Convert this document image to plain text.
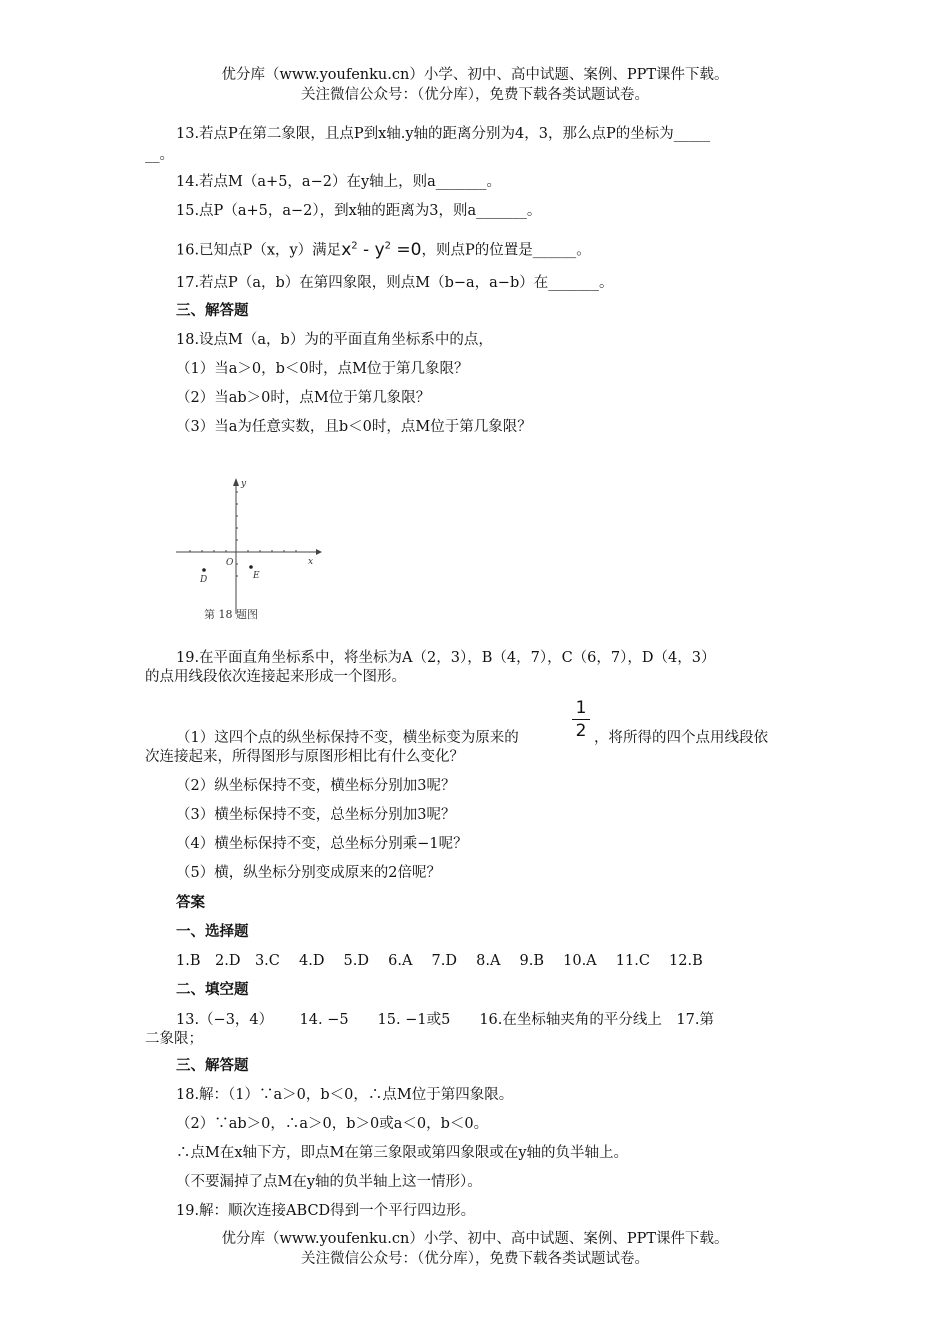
优分库（www.youfenku.cn）小学、初中、高中试题、案例、PPT课件下载。
关注微信公众号：（优分库），免费下载各类试题试卷。
13.若点P在第二象限，且点P到x轴.y轴的距离分别为4，3，那么点P的坐标为_____
__。
14.若点M（a+5，a−2）在y轴上，则a_______。
15.点P（a+5，a−2），到x轴的距离为3，则a_______。
16.已知点P（x，y）满足$x^2 - y^2 =0$，则点P的位置是______。
17.若点P（a，b）在第四象限，则点M（b−a，a−b）在_______。
三、解答题
18.设点M（a，b）为的平面直角坐标系中的点，
（1）当a＞0，b＜0时，点M位于第几象限？
（2）当ab＞0时，点M位于第几象限？
（3）当a为任意实数，且b＜0时，点M位于第几象限？
y
x
O
D	E
第 18 题图
19.在平面直角坐标系中，将坐标为A（2，3），B（4，7），C（6，7），D（4，3）
的点用线段依次连接起来形成一个图形。
1
2
（1）这四个点的纵坐标保持不变，横坐标变为原来的	，将所得的四个点用线段依
次连接起来，所得图形与原图形相比有什么变化？
（2）纵坐标保持不变，横坐标分别加3呢？
（3）横坐标保持不变，总坐标分别加3呢？
（4）横坐标保持不变，总坐标分别乘−1呢？
（5）横，纵坐标分别变成原来的2倍呢？
答案
一、选择题
1.B　2.D　3.C　 4.D　 5.D　 6.A　 7.D　 8.A　 9.B　 10.A　 11.C　 12.B
二、填空题
13.（−3，4）　　 14. −5　　15. −1或5　　16.在坐标轴夹角的平分线上　17.第
二象限；
三、解答题
18.解：（1）∵a＞0，b＜0，∴点M位于第四象限。
（2）∵ab＞0，∴a＞0，b＞0或a＜0，b＜0。
∴点M在x轴下方，即点M在第三象限或第四象限或在y轴的负半轴上。
（不要漏掉了点M在y轴的负半轴上这一情形）。
19.解：顺次连接ABCD得到一个平行四边形。
优分库（www.youfenku.cn）小学、初中、高中试题、案例、PPT课件下载。
关注微信公众号：（优分库），免费下载各类试题试卷。
